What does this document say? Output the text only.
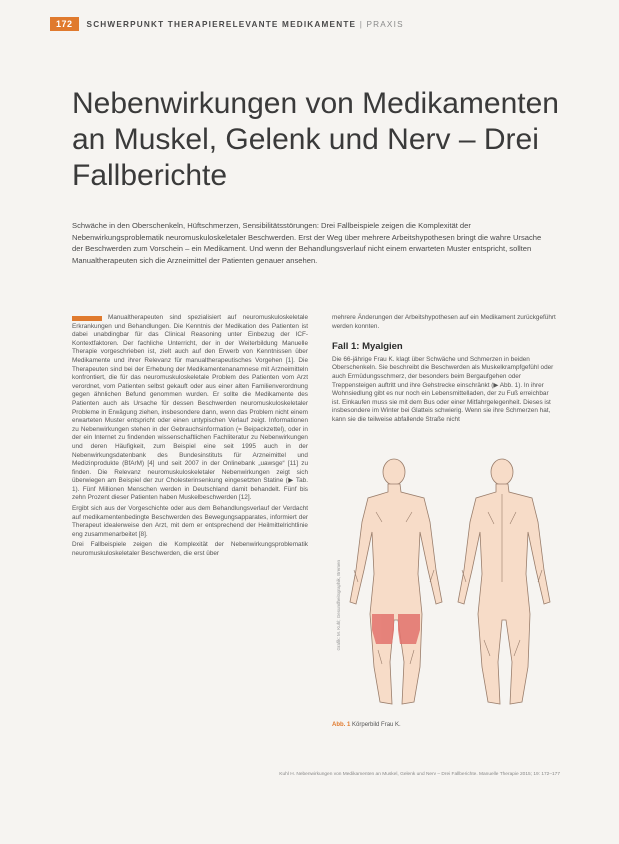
172	SCHWERPUNKT THERAPIERELEVANTE MEDIKAMENTE | PRAXIS
Nebenwirkungen von Medikamenten an Muskel, Gelenk und Nerv – Drei Fallberichte

Schwäche in den Oberschenkeln, Hüftschmerzen, Sensibilitätsstörungen: Drei Fallbeispiele zeigen die Komplexität der Nebenwirkungsproblematik neuromuskuloskeletaler Beschwerden. Erst der Weg über mehrere Arbeitshypothesen bringt die wahre Ursache der Beschwerden zum Vorschein – ein Medikament. Und wenn der Behandlungsverlauf nicht einem erwarteten Muster entspricht, sollten Manualtherapeuten sich die Arzneimittel der Patienten genauer ansehen.

Manualtherapeuten sind spezialisiert auf neuromuskuloskeletale Erkrankungen und Behandlungen. Die Kenntnis der Medikation des Patienten ist dabei unabdingbar für das Clinical Reasoning unter Einbezug der ICF-Kontextfaktoren. Der fachliche Unterricht, der in der Weiterbildung Manuelle Therapie vorgeschrieben ist, zielt auch auf den Erwerb von Kenntnissen über Medikamente und ihrer Relevanz für manualtherapeutisches Vorgehen [1]. Die Therapeuten sind bei der Erhebung der Medikamentenanamnese mit Arzneimitteln konfrontiert, die für das neuromuskuloskeletale Problem des Patienten vom Arzt verordnet, vom Patienten selbst gekauft oder aus einer alten Familienverordnung gegen ähnlichen Befund genommen wurden. Er sollte die Medikamente des Patienten auch als Ursache für dessen Beschwerden neuromuskuloskeletaler Probleme in Erwägung ziehen, insbesondere dann, wenn das Problem nicht einem erwarteten Muster entspricht oder einen untypischen Verlauf zeigt. Informationen zu Nebenwirkungen stehen in der Gebrauchsinformation (= Beipackzettel), oder in der ein Internet zu findenden wissenschaftlichen Fachliteratur zu Nebenwirkungen und deren Häufigkeit, zum Beispiel eine seit 1995 auch in der Nebenwirkungsdatenbank des Bundesinstituts für Arzneimittel und Medizinprodukte (BfArM) [4] und seit 2007 in der Onlinebank „uawsge“ [11] zu finden. Die Relevanz neuromuskuloskeletaler Nebenwirkungen zeigt sich überwiegen am Beispiel der zur Cholesterinsenkung eingesetzten Statine (▶ Tab. 1). Fünf Millionen Menschen werden in Deutschland damit behandelt. Fünf bis zehn Prozent dieser Patienten haben Muskelbeschwerden [12].

Ergibt sich aus der Vorgeschichte oder aus dem Behandlungsverlauf der Verdacht auf medikamentenbedingte Beschwerden des Bewegungsapparates, informiert der Therapeut idealerweise den Arzt, mit dem er entsprechend der Heilmittelrichtlinie eng zusammenarbeitet [8].

Drei Fallbeispiele zeigen die Komplexität der Nebenwirkungsproblematik neuromuskuloskeletaler Beschwerden, die erst über

mehrere Änderungen der Arbeitshypothesen auf ein Medikament zurückgeführt werden konnten.

Fall 1: Myalgien

Die 66-jährige Frau K. klagt über Schwäche und Schmerzen in beiden Oberschenkeln. Sie beschreibt die Beschwerden als Muskelkrampfgefühl oder auch Ermüdungsschmerz, der besonders beim Bergaufgehen oder Treppensteigen auftritt und ihre Gehstrecke einschränkt (▶ Abb. 1). In ihrer Wohnsiedlung gibt es nur noch ein Lebensmittelladen, der zu Fuß erreichbar ist. Einkaufen muss sie mit dem Bus oder einer Mitfahrgelegenheit. Dieses ist insbesondere im Winter bei Glatteis schwierig. Wenn sie ihre Schmerzen hat, kann sie die teilweise abfallende Straße nicht

Grafik: M. Kuhl; Gesundheitsgraphik, Bremen
Abb. 1 Körperbild Frau K.
Kuhl H. Nebenwirkungen von Medikamenten an Muskel, Gelenk und Nerv – Drei Fallberichte. Manuelle Therapie 2015; 19: 172–177
